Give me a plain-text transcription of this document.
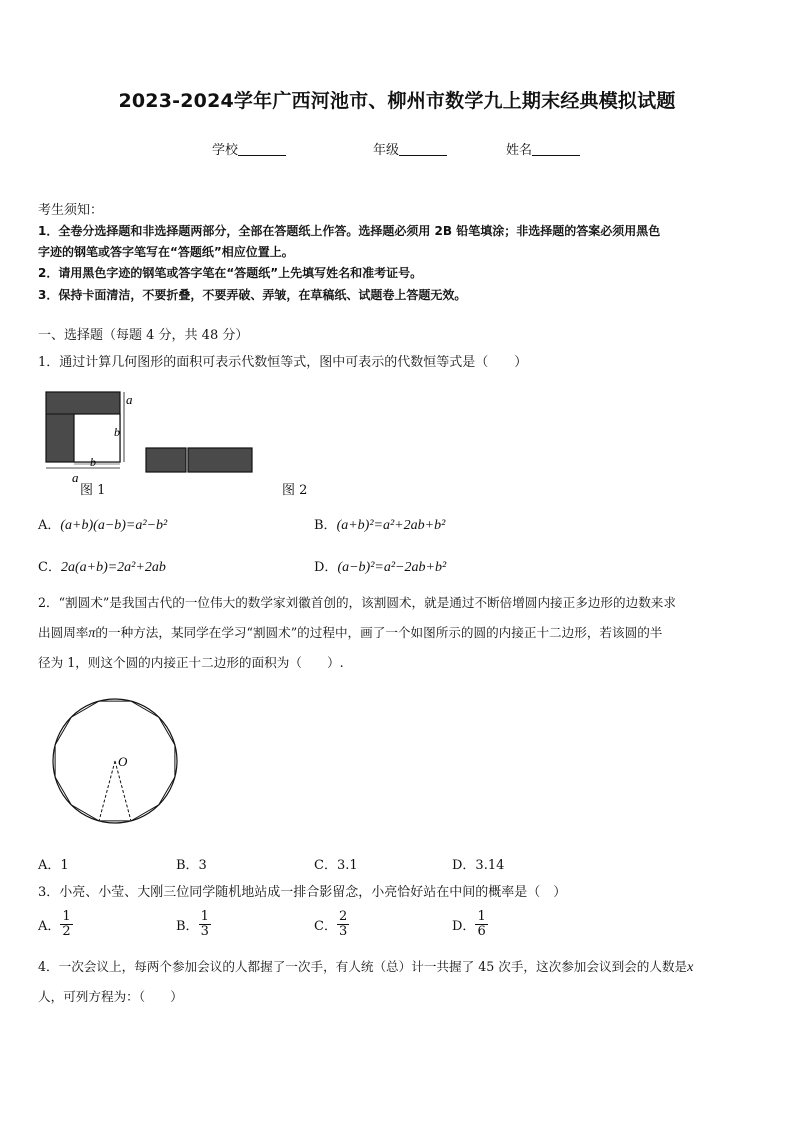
2023-2024学年广西河池市、柳州市数学九上期末经典模拟试题
学校	年级	姓名
考生须知：
1．全卷分选择题和非选择题两部分，全部在答题纸上作答。选择题必须用 2B 铅笔填涂；非选择题的答案必须用黑色
字迹的钢笔或答字笔写在“答题纸”相应位置上。
2．请用黑色字迹的钢笔或答字笔在“答题纸”上先填写姓名和准考证号。
3．保持卡面清洁，不要折叠，不要弄破、弄皱，在草稿纸、试题卷上答题无效。
一、选择题（每题 4 分，共 48 分）
1．通过计算几何图形的面积可表示代数恒等式，图中可表示的代数恒等式是（　　）
a
b
b
a
图 1	图 2
A．(a+b)(a−b)=a²−b²	B．(a+b)²=a²+2ab+b²
C．2a(a+b)=2a²+2ab	D．(a−b)²=a²−2ab+b²
2．“割圆术”是我国古代的一位伟大的数学家刘徽首创的，该割圆术，就是通过不断倍增圆内接正多边形的边数来求
出圆周率π的一种方法，某同学在学习“割圆术”的过程中，画了一个如图所示的圆的内接正十二边形，若该圆的半
径为 1，则这个圆的内接正十二边形的面积为（　　）.
O
A．1	B．3	C．3.1	D．3.14
3．小亮、小莹、大刚三位同学随机地站成一排合影留念，小亮恰好站在中间的概率是（　）
A． $\frac{1}{2}$	B． $\frac{1}{3}$	C． $\frac{2}{3}$	D． $\frac{1}{6}$
4．一次会议上，每两个参加会议的人都握了一次手，有人统（总）计一共握了 45 次手，这次参加会议到会的人数是x
人，可列方程为：（　　）
